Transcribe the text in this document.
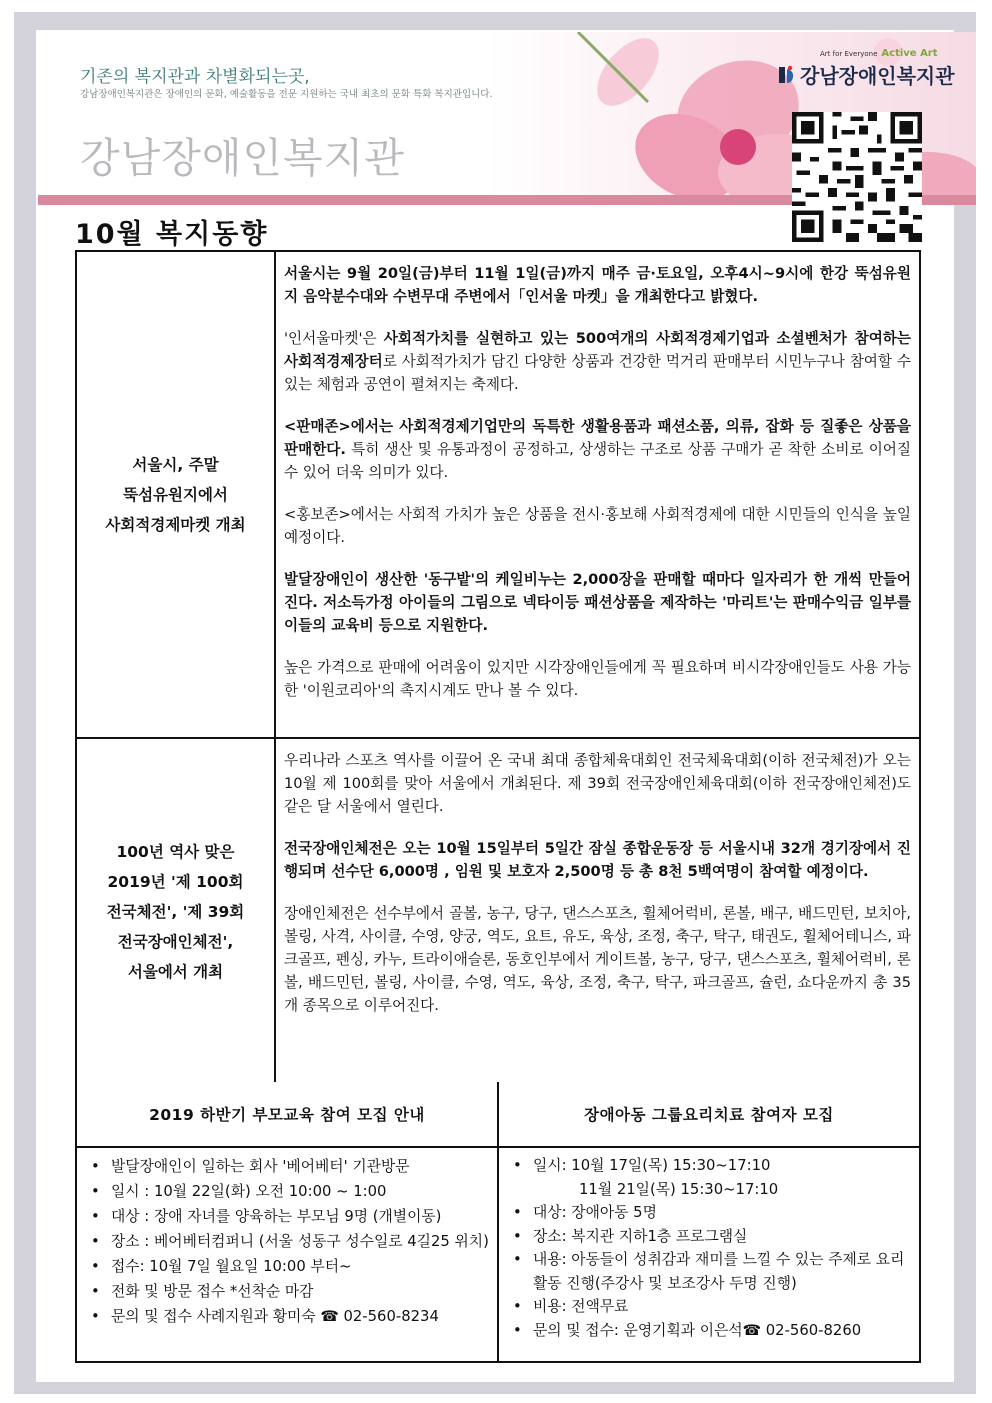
기존의 복지관과 차별화되는곳,
강남장애인복지관은 장애인의 문화, 예술활동을 전문 지원하는 국내 최초의 문화 특화 복지관입니다.
강남장애인복지관
Art for Everyone Active Art
강남장애인복지관
10월 복지동향
서울시, 주말
뚝섬유원지에서
사회적경제마켓 개최

서울시는 9월 20일(금)부터 11월 1일(금)까지 매주 금·토요일, 오후4시~9시에 한강 뚝섬유원지 음악분수대와 수변무대 주변에서「인서울 마켓」을 개최한다고 밝혔다.

'인서울마켓'은 사회적가치를 실현하고 있는 500여개의 사회적경제기업과 소셜벤처가 참여하는 사회적경제장터로 사회적가치가 담긴 다양한 상품과 건강한 먹거리 판매부터 시민누구나 참여할 수 있는 체험과 공연이 펼쳐지는 축제다.

<판매존>에서는 사회적경제기업만의 독특한 생활용품과 패션소품, 의류, 잡화 등 질좋은 상품을 판매한다. 특히 생산 및 유통과정이 공정하고, 상생하는 구조로 상품 구매가 곧 착한 소비로 이어질 수 있어 더욱 의미가 있다.

<홍보존>에서는 사회적 가치가 높은 상품을 전시·홍보해 사회적경제에 대한 시민들의 인식을 높일 예정이다.

발달장애인이 생산한 '동구밭'의 케일비누는 2,000장을 판매할 때마다 일자리가 한 개씩 만들어진다. 저소득가정 아이들의 그림으로 넥타이등 패션상품을 제작하는 '마리트'는 판매수익금 일부를 이들의 교육비 등으로 지원한다.

높은 가격으로 판매에 어려움이 있지만 시각장애인들에게 꼭 필요하며 비시각장애인들도 사용 가능한 '이원코리아'의 촉지시계도 만나 볼 수 있다.

100년 역사 맞은
2019년 '제 100회
전국체전', '제 39회
전국장애인체전',
서울에서 개최

우리나라 스포츠 역사를 이끌어 온 국내 최대 종합체육대회인 전국체육대회(이하 전국체전)가 오는 10월 제 100회를 맞아 서울에서 개최된다. 제 39회 전국장애인체육대회(이하 전국장애인체전)도 같은 달 서울에서 열린다.

전국장애인체전은 오는 10월 15일부터 5일간 잠실 종합운동장 등 서울시내 32개 경기장에서 진행되며 선수단 6,000명 , 임원 및 보호자 2,500명 등 총 8천 5백여명이 참여할 예정이다.

장애인체전은 선수부에서 골볼, 농구, 당구, 댄스스포츠, 휠체어럭비, 론볼, 배구, 배드민턴, 보치아, 볼링, 사격, 사이클, 수영, 양궁, 역도, 요트, 유도, 육상, 조정, 축구, 탁구, 태권도, 휠체어테니스, 파크골프, 펜싱, 카누, 트라이애슬론, 동호인부에서 게이트볼, 농구, 당구, 댄스스포츠, 휠체어럭비, 론볼, 배드민턴, 볼링, 사이클, 수영, 역도, 육상, 조정, 축구, 탁구, 파크골프, 슐런, 쇼다운까지 총 35개 종목으로 이루어진다.

2019 하반기 부모교육 참여 모집 안내
• 발달장애인이 일하는 회사 '베어베터' 기관방문
• 일시 : 10월 22일(화) 오전 10:00 ~ 1:00
• 대상 : 장애 자녀를 양육하는 부모님 9명 (개별이동)
• 장소 : 베어베터컴퍼니 (서울 성동구 성수일로 4길25 위치)
• 접수: 10월 7일 월요일 10:00 부터~
• 전화 및 방문 접수 *선착순 마감
• 문의 및 접수 사례지원과 황미숙 ☎ 02-560-8234
장애아동 그룹요리치료 참여자 모집
• 일시: 10월 17일(목) 15:30~17:10
11월 21일(목) 15:30~17:10
• 대상: 장애아동 5명
• 장소: 복지관 지하1층 프로그램실
• 내용: 아동들이 성취감과 재미를 느낄 수 있는 주제로 요리활동 진행(주강사 및 보조강사 두명 진행)
• 비용: 전액무료
• 문의 및 접수: 운영기획과 이은석☎ 02-560-8260
